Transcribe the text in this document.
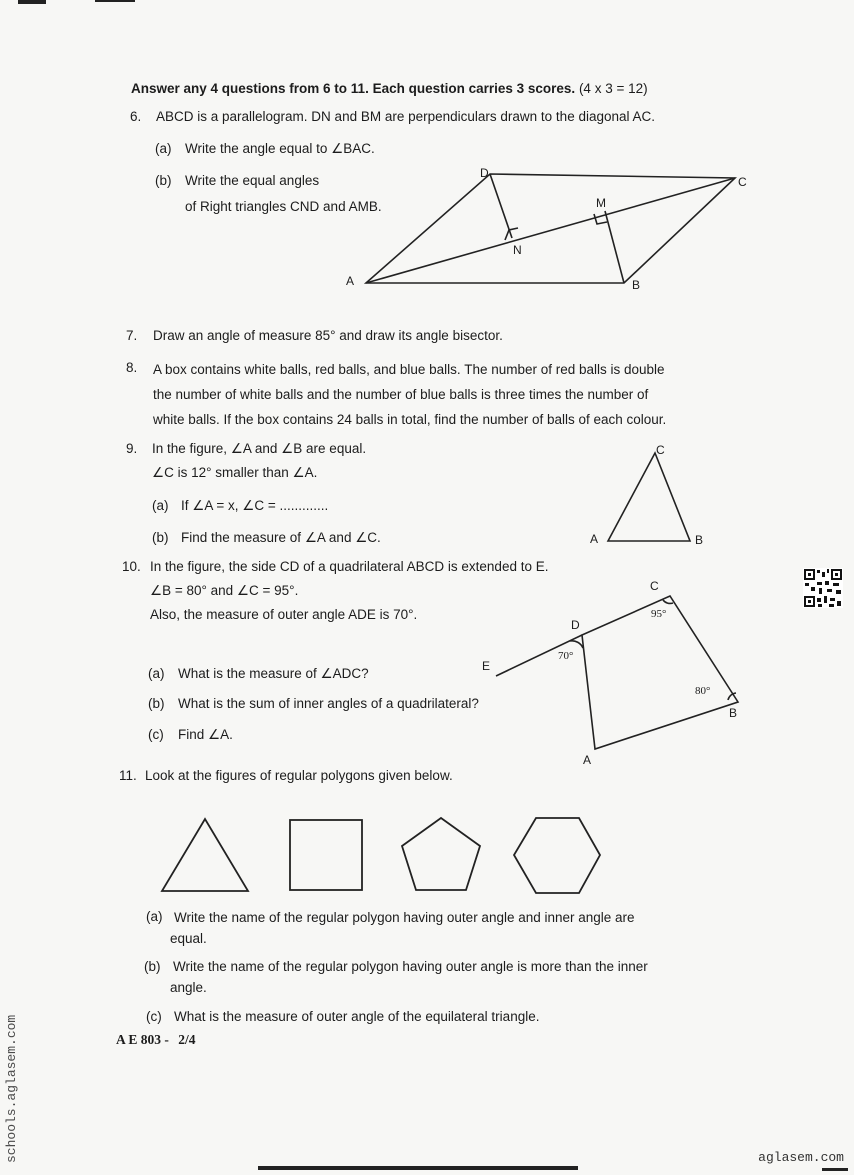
Answer any 4 questions from 6 to 11. Each question carries 3 scores. (4 x 3 = 12)
6. ABCD is a parallelogram. DN and BM are perpendiculars drawn to the diagonal AC.
(a) Write the angle equal to ∠BAC.
(b) Write the equal angles
of Right triangles CND and AMB.
A	B
C
D
M
N
7. Draw an angle of measure 85° and draw its angle bisector.
8. A box contains white balls, red balls, and blue balls. The number of red balls is double
the number of white balls and the number of blue balls is three times the number of
white balls. If the box contains 24 balls in total, find the number of balls of each colour.
9. In the figure, ∠A and ∠B are equal.
∠C is 12° smaller than ∠A.
(a) If ∠A = x, ∠C = .............
(b) Find the measure of ∠A and ∠C.	A	B
C
10. In the figure, the side CD of a quadrilateral ABCD is extended to E.
∠B = 80° and ∠C = 95°.
Also, the measure of outer angle ADE is 70°.
(a) What is the measure of ∠ADC?
(b) What is the sum of inner angles of a quadrilateral?
(c) Find ∠A.
A
B
C
D
E
95°
80°
70°
11. Look at the figures of regular polygons given below.
(a) Write the name of the regular polygon having outer angle and inner angle are
equal.
(b) Write the name of the regular polygon having outer angle is more than the inner
angle.
(c) What is the measure of outer angle of the equilateral triangle.
A E 803 - 2/4
schools.aglasem.com	aglasem.com
